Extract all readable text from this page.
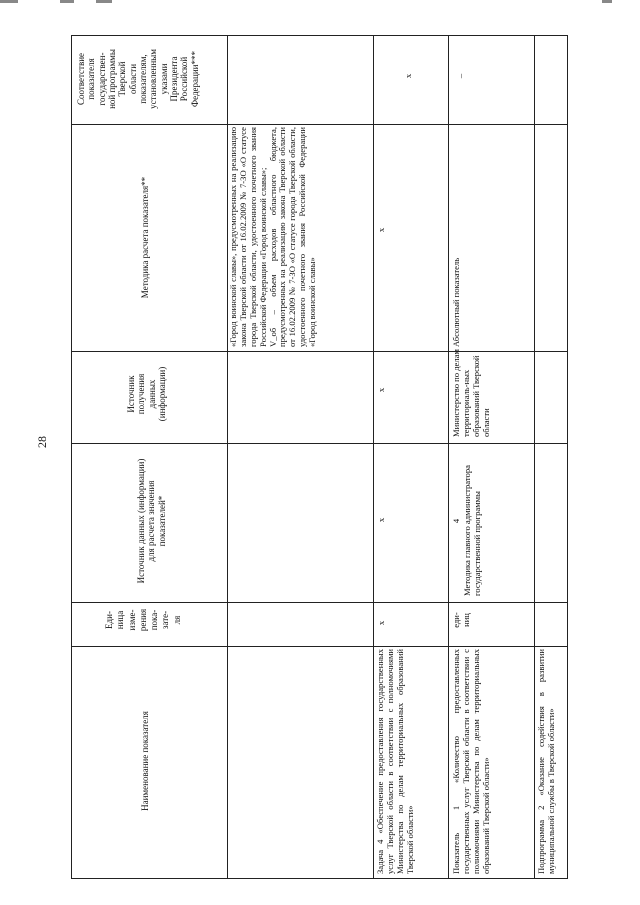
28
Соответствие
показателя
государствен-
ной программы
Тверской
области
показателям,
установленным
указами
Президента
Российской
Федерации***
Методика расчета показателя**
Источник
получения
данных
(информации)
Источник данных (информации)
для расчета значения
показателей*
Еди-
ница
изме-
рения
пока-
зате-
ля
Наименование показателя
«Город воинской славы», предусмотренных на реализацию закона Тверской области от 16.02.2009 № 7-ЗО «О статусе города Тверской области, удостоенного почетного звания Российской Федерации «Город воинской славы»;
V_об – объем расходов областного бюджета, предусмотренных на реализацию закона Тверской области от 16.02.2009 № 7-ЗО «О статусе города Тверской области, удостоенного почетного звания Российской Федерации «Город воинской славы»
x
x
x
x
x
Задача 4 «Обеспечение предоставления государственных услуг Тверской области в соответствии с полномочиями Министерства по делам территориальных образований Тверской области»
–
Абсолютный показатель
Министерство по делам территориаль-ных образований Тверской области
4 Методика главного администратора государственной программы
еди-
ниц
Показатель 1 «Количество предоставленных государственных услуг Тверской области в соответствии с полномочиями Министерства по делам территориальных образований Тверской области»	Подпрограмма 2 «Оказание содействия в развитии муниципальной службы в Тверской области»
